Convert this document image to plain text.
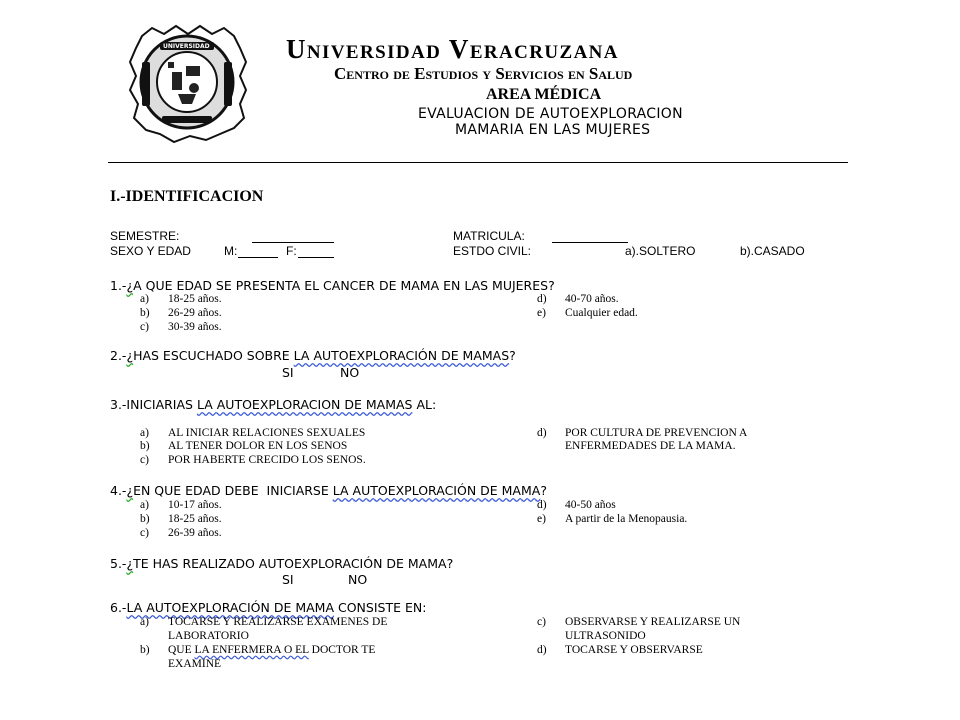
UNIVERSIDAD	Universidad Veracruzana
Centro de Estudios y Servicios en Salud
AREA MÉDICA
EVALUACION DE AUTOEXPLORACION
MAMARIA EN LAS MUJERES
I.-IDENTIFICACION
SEMESTRE:	MATRICULA:
SEXO Y EDAD	M:	F:	ESTDO CIVIL:	a).SOLTERO	b).CASADO
1.-¿A QUE EDAD SE PRESENTA EL CANCER DE MAMA EN LAS MUJERES?
a) 18-25 años.
b) 26-29 años.
c) 30-39 años.
d) 40-70 años.
e) Cualquier edad.
2.-¿HAS ESCUCHADO SOBRE LA AUTOEXPLORACIÓN DE MAMAS?
SI	NO
3.-INICIARIAS LA AUTOEXPLORACION DE MAMAS AL:
a) AL INICIAR RELACIONES SEXUALES
b) AL TENER DOLOR EN LOS SENOS
c) POR HABERTE CRECIDO LOS SENOS.
d) POR CULTURA DE PREVENCION A
ENFERMEDADES DE LA MAMA.
4.-¿EN QUE EDAD DEBE  INICIARSE LA AUTOEXPLORACIÓN DE MAMA?
a) 10-17 años.
b) 18-25 años.
c) 26-39 años.
d) 40-50 años
e) A partir de la Menopausia.
5.-¿TE HAS REALIZADO AUTOEXPLORACIÓN DE MAMA?
SI	NO
6.-LA AUTOEXPLORACIÓN DE MAMA CONSISTE EN:
a) TOCARSE Y REALIZARSE EXAMENES DE
LABORATORIO
b) QUE LA ENFERMERA O EL DOCTOR TE
EXAMINE
c) OBSERVARSE Y REALIZARSE UN
ULTRASONIDO
d) TOCARSE Y OBSERVARSE
